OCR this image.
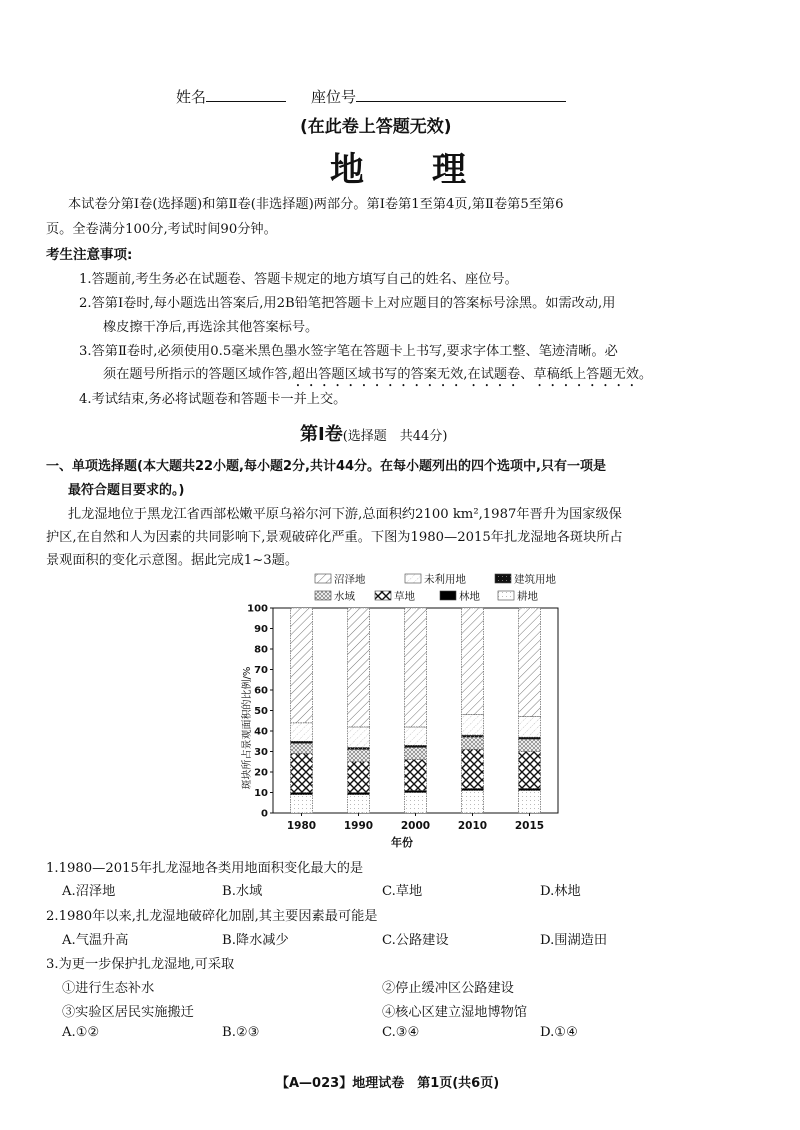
姓名	座位号
(在此卷上答题无效)
地　　理
本试卷分第Ⅰ卷(选择题)和第Ⅱ卷(非选择题)两部分。第Ⅰ卷第1至第4页,第Ⅱ卷第5至第6
页。全卷满分100分,考试时间90分钟。
考生注意事项:
1.答题前,考生务必在试题卷、答题卡规定的地方填写自己的姓名、座位号。
2.答第Ⅰ卷时,每小题选出答案后,用2B铅笔把答题卡上对应题目的答案标号涂黑。如需改动,用
橡皮擦干净后,再选涂其他答案标号。
3.答第Ⅱ卷时,必须使用0.5毫米黑色墨水签字笔在答题卡上书写,要求字体工整、笔迹清晰。必
须在题号所指示的答题区域作答,超出答题区域书写的答案无效,在试题卷、草稿纸上答题无效。
4.考试结束,务必将试题卷和答题卡一并上交。
第Ⅰ卷(选择题　共44分)
一、单项选择题(本大题共22小题,每小题2分,共计44分。在每小题列出的四个选项中,只有一项是
最符合题目要求的。)
扎龙湿地位于黑龙江省西部松嫩平原乌裕尔河下游,总面积约2100 km²,1987年晋升为国家级保
护区,在自然和人为因素的共同影响下,景观破碎化严重。下图为1980—2015年扎龙湿地各斑块所占
景观面积的变化示意图。据此完成1~3题。
沼泽地	未利用地	建筑用地
水域	草地	林地	耕地
0
10
20
30
40
50
60
70
80
90
100
1980	1990	2000	2010	2015
斑块所占景观面积的比例/%
年份
1.1980—2015年扎龙湿地各类用地面积变化最大的是
A.沼泽地	B.水域	C.草地	D.林地
2.1980年以来,扎龙湿地破碎化加剧,其主要因素最可能是
A.气温升高	B.降水减少	C.公路建设	D.围湖造田
3.为更一步保护扎龙湿地,可采取
①进行生态补水	②停止缓冲区公路建设
③实验区居民实施搬迁	④核心区建立湿地博物馆
A.①②	B.②③	C.③④	D.①④
【A—023】地理试卷　第1页(共6页)
